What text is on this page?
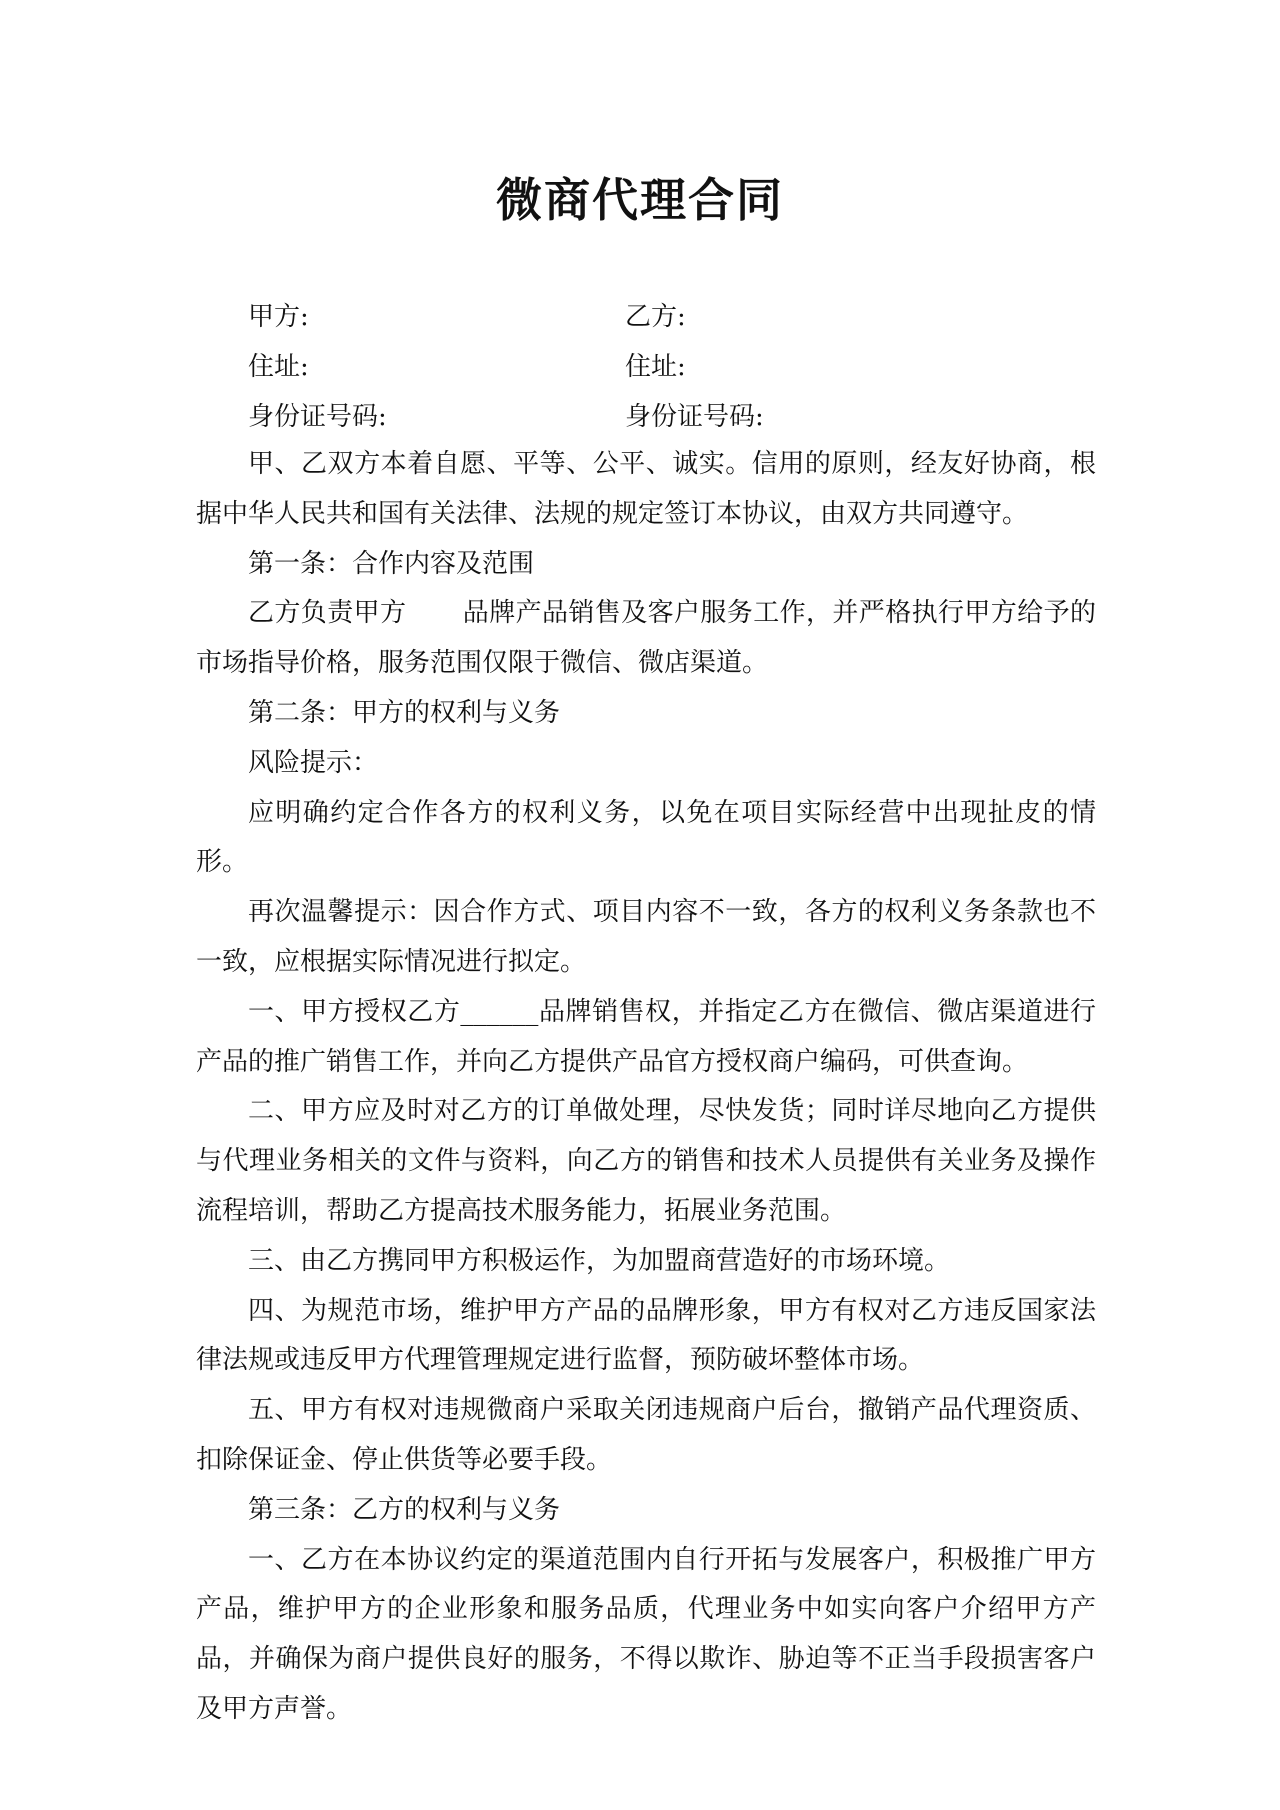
微商代理合同
甲方:	乙方:
住址:	住址:
身份证号码:	身份证号码:

甲、乙双方本着自愿、平等、公平、诚实。信用的原则，经友好协商，根据中华人民共和国有关法律、法规的规定签订本协议，由双方共同遵守。

第一条：合作内容及范围

乙方负责甲方 品牌产品销售及客户服务工作，并严格执行甲方给予的市场指导价格，服务范围仅限于微信、微店渠道。

第二条：甲方的权利与义务

风险提示：

应明确约定合作各方的权利义务，以免在项目实际经营中出现扯皮的情形。

再次温馨提示：因合作方式、项目内容不一致，各方的权利义务条款也不一致，应根据实际情况进行拟定。

一、甲方授权乙方______品牌销售权，并指定乙方在微信、微店渠道进行产品的推广销售工作，并向乙方提供产品官方授权商户编码，可供查询。

二、甲方应及时对乙方的订单做处理，尽快发货；同时详尽地向乙方提供与代理业务相关的文件与资料，向乙方的销售和技术人员提供有关业务及操作流程培训，帮助乙方提高技术服务能力，拓展业务范围。

三、由乙方携同甲方积极运作，为加盟商营造好的市场环境。

四、为规范市场，维护甲方产品的品牌形象，甲方有权对乙方违反国家法律法规或违反甲方代理管理规定进行监督，预防破坏整体市场。

五、甲方有权对违规微商户采取关闭违规商户后台，撤销产品代理资质、扣除保证金、停止供货等必要手段。

第三条：乙方的权利与义务

一、乙方在本协议约定的渠道范围内自行开拓与发展客户，积极推广甲方产品，维护甲方的企业形象和服务品质，代理业务中如实向客户介绍甲方产品，并确保为商户提供良好的服务，不得以欺诈、胁迫等不正当手段损害客户及甲方声誉。
